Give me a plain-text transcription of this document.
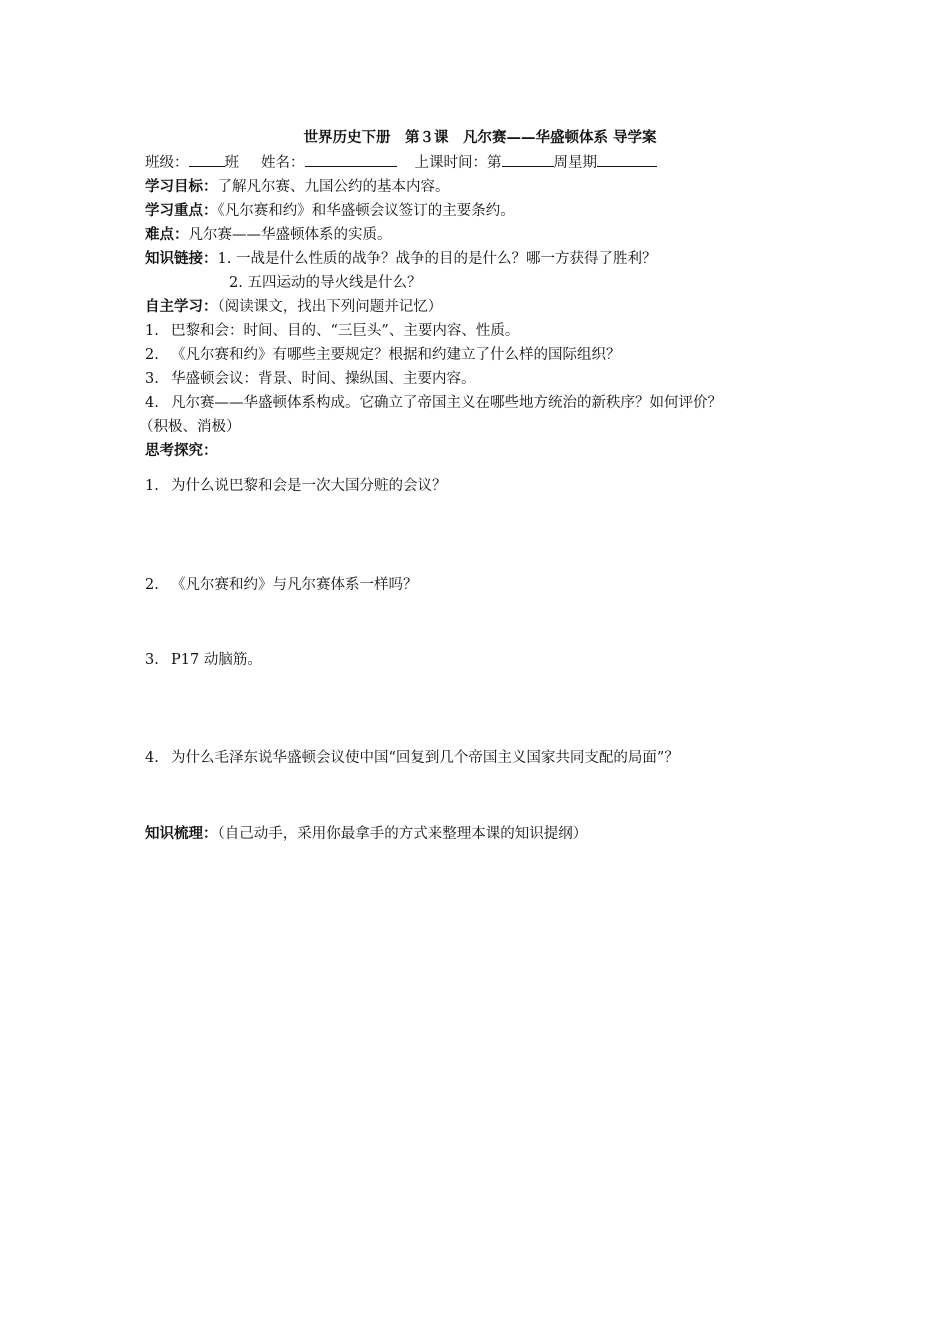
世界历史下册　第３课　凡尔赛——华盛顿体系 导学案
班级： 班 姓名：	上课时间：第	周星期
学习目标：了解凡尔赛、九国公约的基本内容。
学习重点：《凡尔赛和约》和华盛顿会议签订的主要条约。
难点：凡尔赛——华盛顿体系的实质。
知识链接：1. 一战是什么性质的战争？战争的目的是什么？哪一方获得了胜利？
2. 五四运动的导火线是什么？
自主学习：（阅读课文，找出下列问题并记忆）
1. 巴黎和会：时间、目的、“三巨头”、主要内容、性质。
2. 《凡尔赛和约》有哪些主要规定？根据和约建立了什么样的国际组织？
3. 华盛顿会议：背景、时间、操纵国、主要内容。
4. 凡尔赛——华盛顿体系构成。它确立了帝国主义在哪些地方统治的新秩序？如何评价？
（积极、消极）
思考探究：
1. 为什么说巴黎和会是一次大国分赃的会议？
2. 《凡尔赛和约》与凡尔赛体系一样吗？
3. P17 动脑筋。
4. 为什么毛泽东说华盛顿会议使中国“回复到几个帝国主义国家共同支配的局面”？
知识梳理：（自己动手，采用你最拿手的方式来整理本课的知识提纲）
